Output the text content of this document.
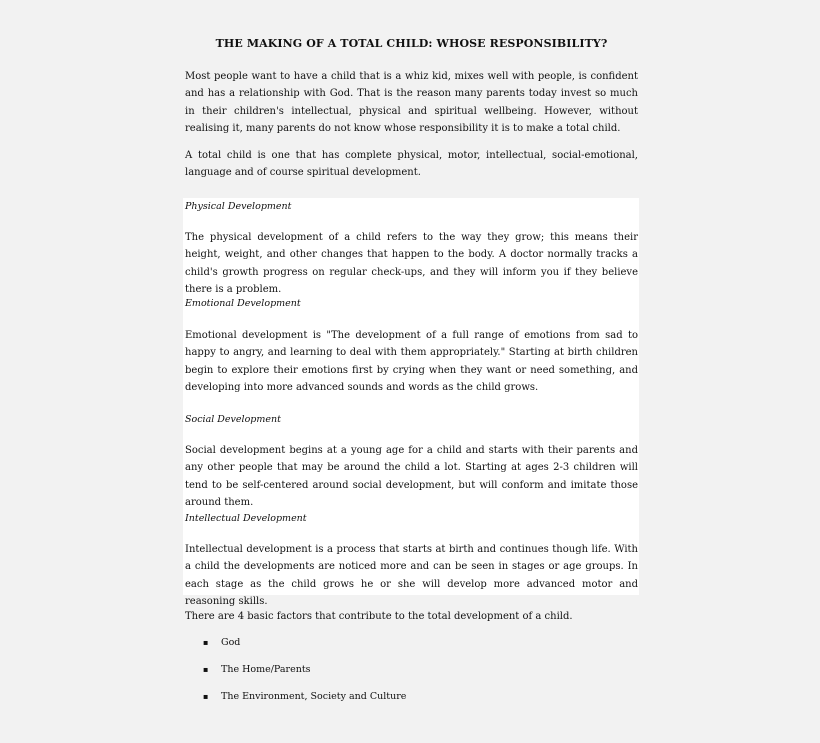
THE MAKING OF A TOTAL CHILD: WHOSE RESPONSIBILITY?

Most people want to have a child that is a whiz kid, mixes well with people, is confident and has a relationship with God. That is the reason many parents today invest so much in their children's intellectual, physical and spiritual wellbeing. However, without realising it, many parents do not know whose responsibility it is to make a total child.

A total child is one that has complete physical, motor, intellectual, social-emotional, language and of course spiritual development.

Physical Development

The physical development of a child refers to the way they grow; this means their height, weight, and other changes that happen to the body. A doctor normally tracks a child's growth progress on regular check-ups, and they will inform you if they believe there is a problem.

Emotional Development

Emotional development is "The development of a full range of emotions from sad to happy to angry, and learning to deal with them appropriately." Starting at birth children begin to explore their emotions first by crying when they want or need something, and developing into more advanced sounds and words as the child grows.

Social Development

Social development begins at a young age for a child and starts with their parents and any other people that may be around the child a lot. Starting at ages 2-3 children will tend to be self-centered around social development, but will conform and imitate those around them.

Intellectual Development

Intellectual development is a process that starts at birth and continues though life. With a child the developments are noticed more and can be seen in stages or age groups. In each stage as the child grows he or she will develop more advanced motor and reasoning skills.

There are 4 basic factors that contribute to the total development of a child.

▪ God
▪ The Home/Parents
▪ The Environment, Society and Culture
